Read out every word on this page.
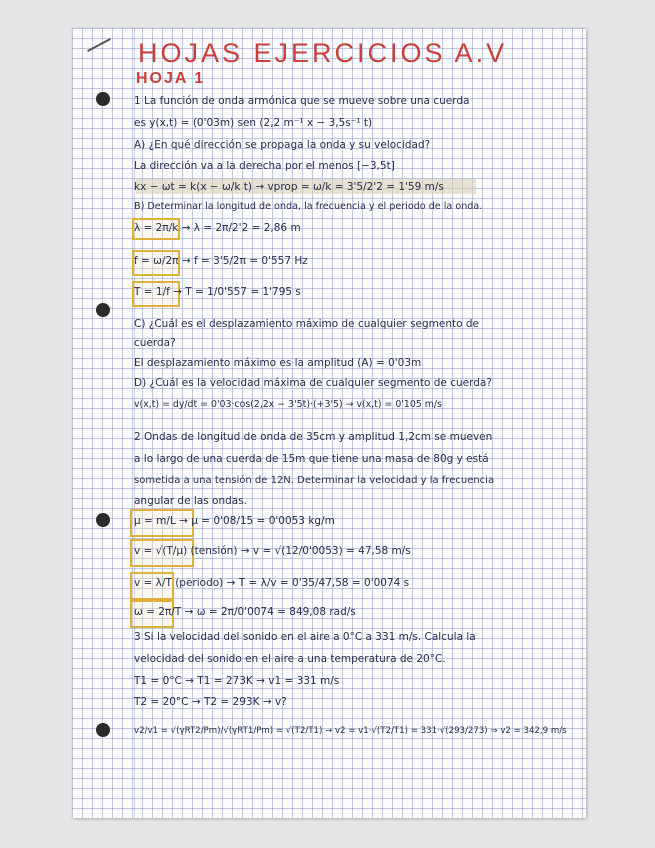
HOJAS EJERCICIOS A.V
HOJA 1
1 La función de onda armónica que se mueve sobre una cuerda
es y(x,t) = (0'03m) sen (2,2 m⁻¹ x − 3,5s⁻¹ t)
A) ¿En qué dirección se propaga la onda y su velocidad?
La dirección va a la derecha por el menos [−3,5t]
kx − ωt = k(x − ω/k t) → vprop = ω/k = 3'5/2'2 = 1'59 m/s
B) Determinar la longitud de onda, la frecuencia y el periodo de la onda.
λ = 2π/k → λ = 2π/2'2 = 2,86 m
f = ω/2π → f = 3'5/2π = 0'557 Hz
T = 1/f → T = 1/0'557 = 1'795 s
C) ¿Cuál es el desplazamiento máximo de cualquier segmento de
cuerda?
El desplazamiento máximo es la amplitud (A) = 0'03m
D) ¿Cuál es la velocidad máxima de cualquier segmento de cuerda?
v(x,t) = dy/dt = 0'03·cos(2,2x − 3'5t)·(+3'5) → v(x,t) = 0'105 m/s
2 Ondas de longitud de onda de 35cm y amplitud 1,2cm se mueven
a lo largo de una cuerda de 15m que tiene una masa de 80g y está
sometida a una tensión de 12N. Determinar la velocidad y la frecuencia
angular de las ondas.
μ = m/L → μ = 0'08/15 = 0'0053 kg/m
v = √(T/μ) (tensión) → v = √(12/0'0053) = 47,58 m/s
v = λ/T (periodo) → T = λ/v = 0'35/47,58 = 0'0074 s
ω = 2π/T → ω = 2π/0'0074 = 849,08 rad/s
3 Si la velocidad del sonido en el aire a 0°C a 331 m/s. Calcula la
velocidad del sonido en el aire a una temperatura de 20°C.
T1 = 0°C → T1 = 273K → v1 = 331 m/s
T2 = 20°C → T2 = 293K → v?
v2/v1 = √(γRT2/Pm)/√(γRT1/Pm) = √(T2/T1) → v2 = v1·√(T2/T1) = 331·√(293/273) ⇒ v2 = 342,9 m/s
